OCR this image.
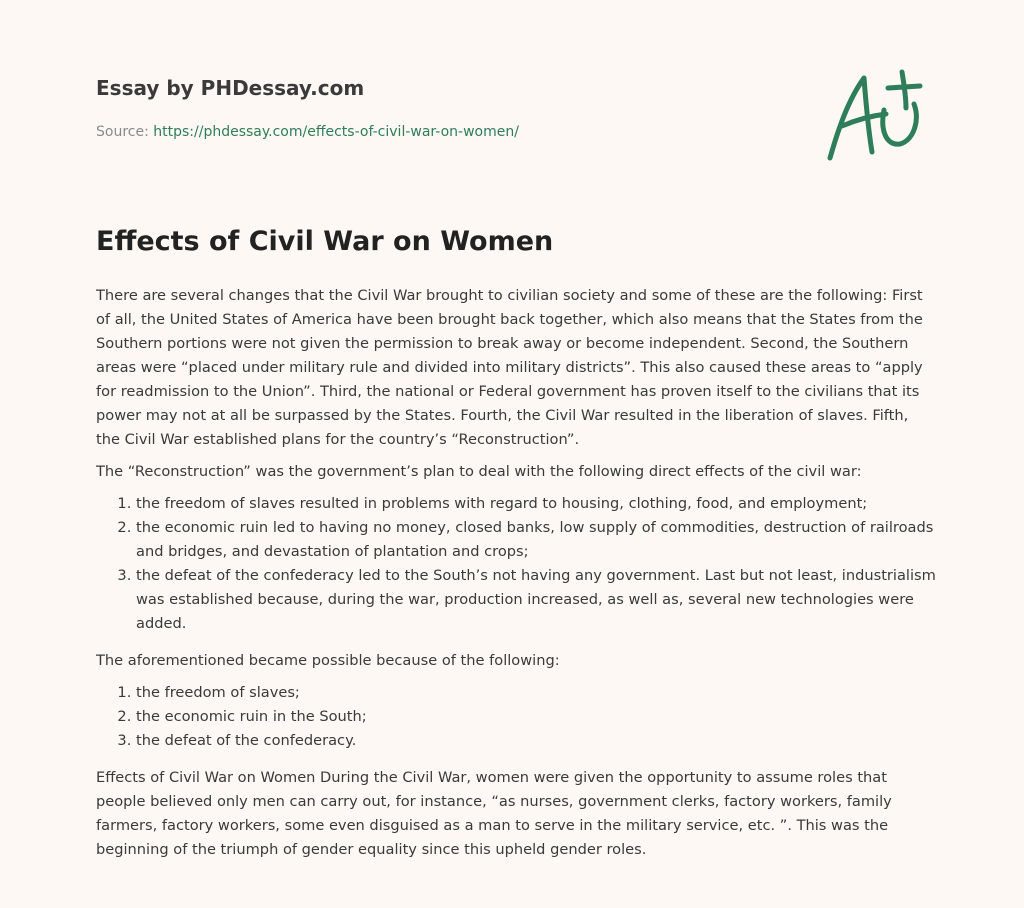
Essay by PHDessay.com
Source: https://phdessay.com/effects-of-civil-war-on-women/
Effects of Civil War on Women

There are several changes that the Civil War brought to civilian society and some of these are the following: First of all, the United States of America have been brought back together, which also means that the States from the Southern portions were not given the permission to break away or become independent. Second, the Southern areas were “placed under military rule and divided into military districts”. This also caused these areas to “apply for readmission to the Union”. Third, the national or Federal government has proven itself to the civilians that its power may not at all be surpassed by the States. Fourth, the Civil War resulted in the liberation of slaves. Fifth, the Civil War established plans for the country’s “Reconstruction”.

The “Reconstruction” was the government’s plan to deal with the following direct effects of the civil war:

1. the freedom of slaves resulted in problems with regard to housing, clothing, food, and employment;
2. the economic ruin led to having no money, closed banks, low supply of commodities, destruction of railroads and bridges, and devastation of plantation and crops;
3. the defeat of the confederacy led to the South’s not having any government. Last but not least, industrialism was established because, during the war, production increased, as well as, several new technologies were added.

The aforementioned became possible because of the following:

1. the freedom of slaves;
2. the economic ruin in the South;
3. the defeat of the confederacy.

Effects of Civil War on Women During the Civil War, women were given the opportunity to assume roles that people believed only men can carry out, for instance, “as nurses, government clerks, factory workers, family farmers, factory workers, some even disguised as a man to serve in the military service, etc. ”. This was the beginning of the triumph of gender equality since this upheld gender roles.
